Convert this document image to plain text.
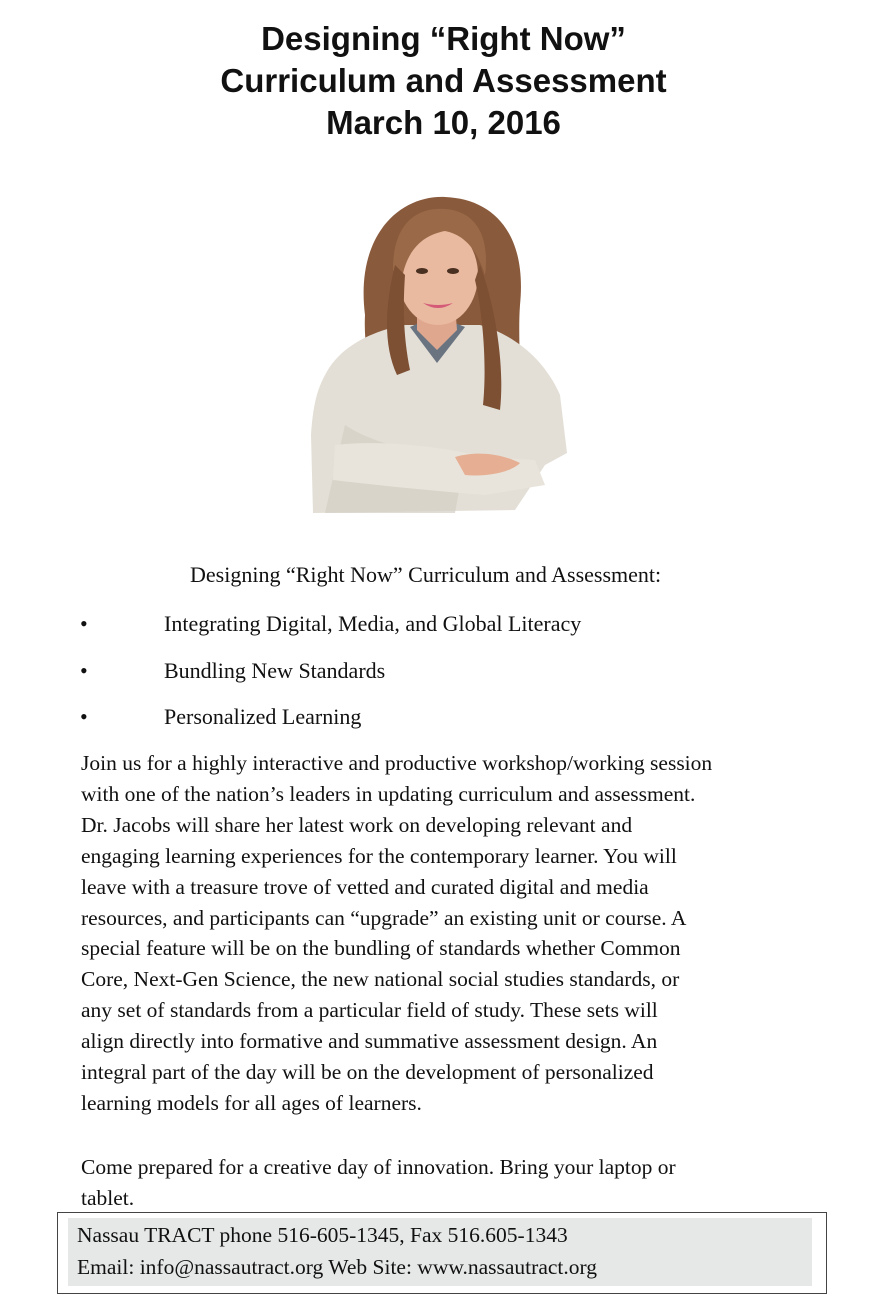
Designing “Right Now”
Curriculum and Assessment
March 10, 2016
Designing “Right Now” Curriculum and Assessment:
•	Integrating Digital, Media, and Global Literacy
•	Bundling New Standards
•	Personalized Learning
Join us for a highly interactive and productive workshop/working session
with one of the nation’s leaders in updating curriculum and assessment.
Dr. Jacobs will share her latest work on developing relevant and
engaging learning experiences for the contemporary learner. You will
leave with a treasure trove of vetted and curated digital and media
resources, and participants can “upgrade” an existing unit or course. A
special feature will be on the bundling of standards whether Common
Core, Next-Gen Science, the new national social studies standards, or
any set of standards from a particular field of study. These sets will
align directly into formative and summative assessment design. An
integral part of the day will be on the development of personalized
learning models for all ages of learners.
Come prepared for a creative day of innovation. Bring your laptop or
tablet.
Nassau TRACT phone 516-605-1345, Fax 516.605-1343
Email: info@nassautract.org Web Site: www.nassautract.org
